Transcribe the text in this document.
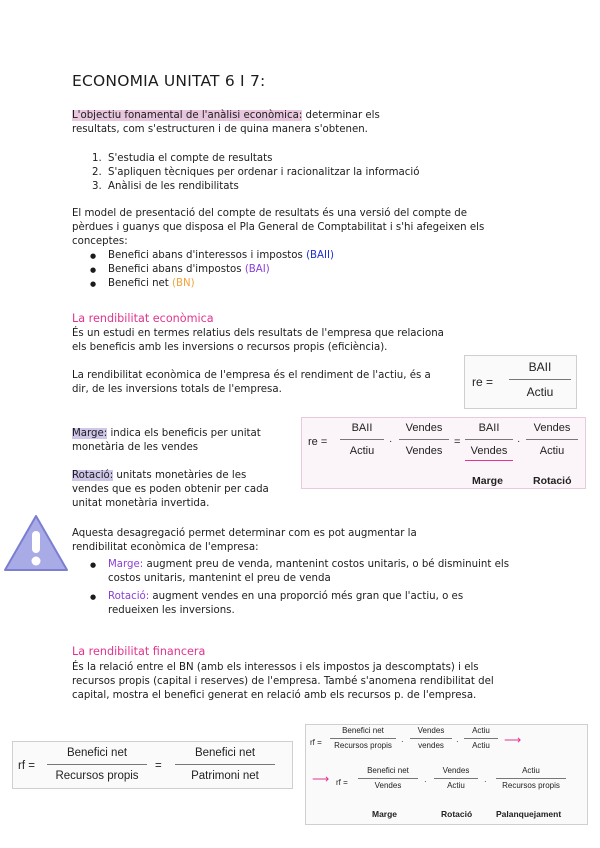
ECONOMIA UNITAT 6 I 7:
L'objectiu fonamental de l'anàlisi econòmica: determinar els
resultats, com s'estructuren i de quina manera s'obtenen.
1. S'estudia el compte de resultats
2. S'apliquen tècniques per ordenar i racionalitzar la informació
3. Anàlisi de les rendibilitats
El model de presentació del compte de resultats és una versió del compte de
pèrdues i guanys que disposa el Pla General de Comptabilitat i s'hi afegeixen els
conceptes:
● Benefici abans d'interessos i impostos (BAII)
● Benefici abans d'impostos (BAI)
● Benefici net (BN)
La rendibilitat econòmica
És un estudi en termes relatius dels resultats de l'empresa que relaciona
els beneficis amb les inversions o recursos propis (eficiència).
La rendibilitat econòmica de l'empresa és el rendiment de l'actiu, és a
dir, de les inversions totals de l'empresa.
re =
BAII
Actiu
Marge: indica els beneficis per unitat
monetària de les vendes
Rotació: unitats monetàries de les
vendes que es poden obtenir per cada
unitat monetària invertida.
re =
BAII
Actiu
·
Vendes
Vendes
=
BAII
Vendes
·
Vendes
Actiu
Marge	Rotació
Aquesta desagregació permet determinar com es pot augmentar la
rendibilitat econòmica de l'empresa:
● Marge: augment preu de venda, mantenint costos unitaris, o bé disminuint els
costos unitaris, mantenint el preu de venda
● Rotació: augment vendes en una proporció més gran que l'actiu, o es
redueixen les inversions.
La rendibilitat financera
És la relació entre el BN (amb els interessos i els impostos ja descomptats) i els
recursos propis (capital i reserves) de l'empresa. També s'anomena rendibilitat del
capital, mostra el benefici generat en relació amb els recursos p. de l'empresa.
rf =
Benefici net
Recursos propis
=
Benefici net
Patrimoni net
rf =
Benefici net
Recursos propis	·
Vendes
vendes	·
Actiu
Actiu	⟶
⟶ rf =
Benefici net
Vendes	·
Vendes
Actiu	·
Actiu
Recursos propis
Marge	Rotació	Palanquejament
